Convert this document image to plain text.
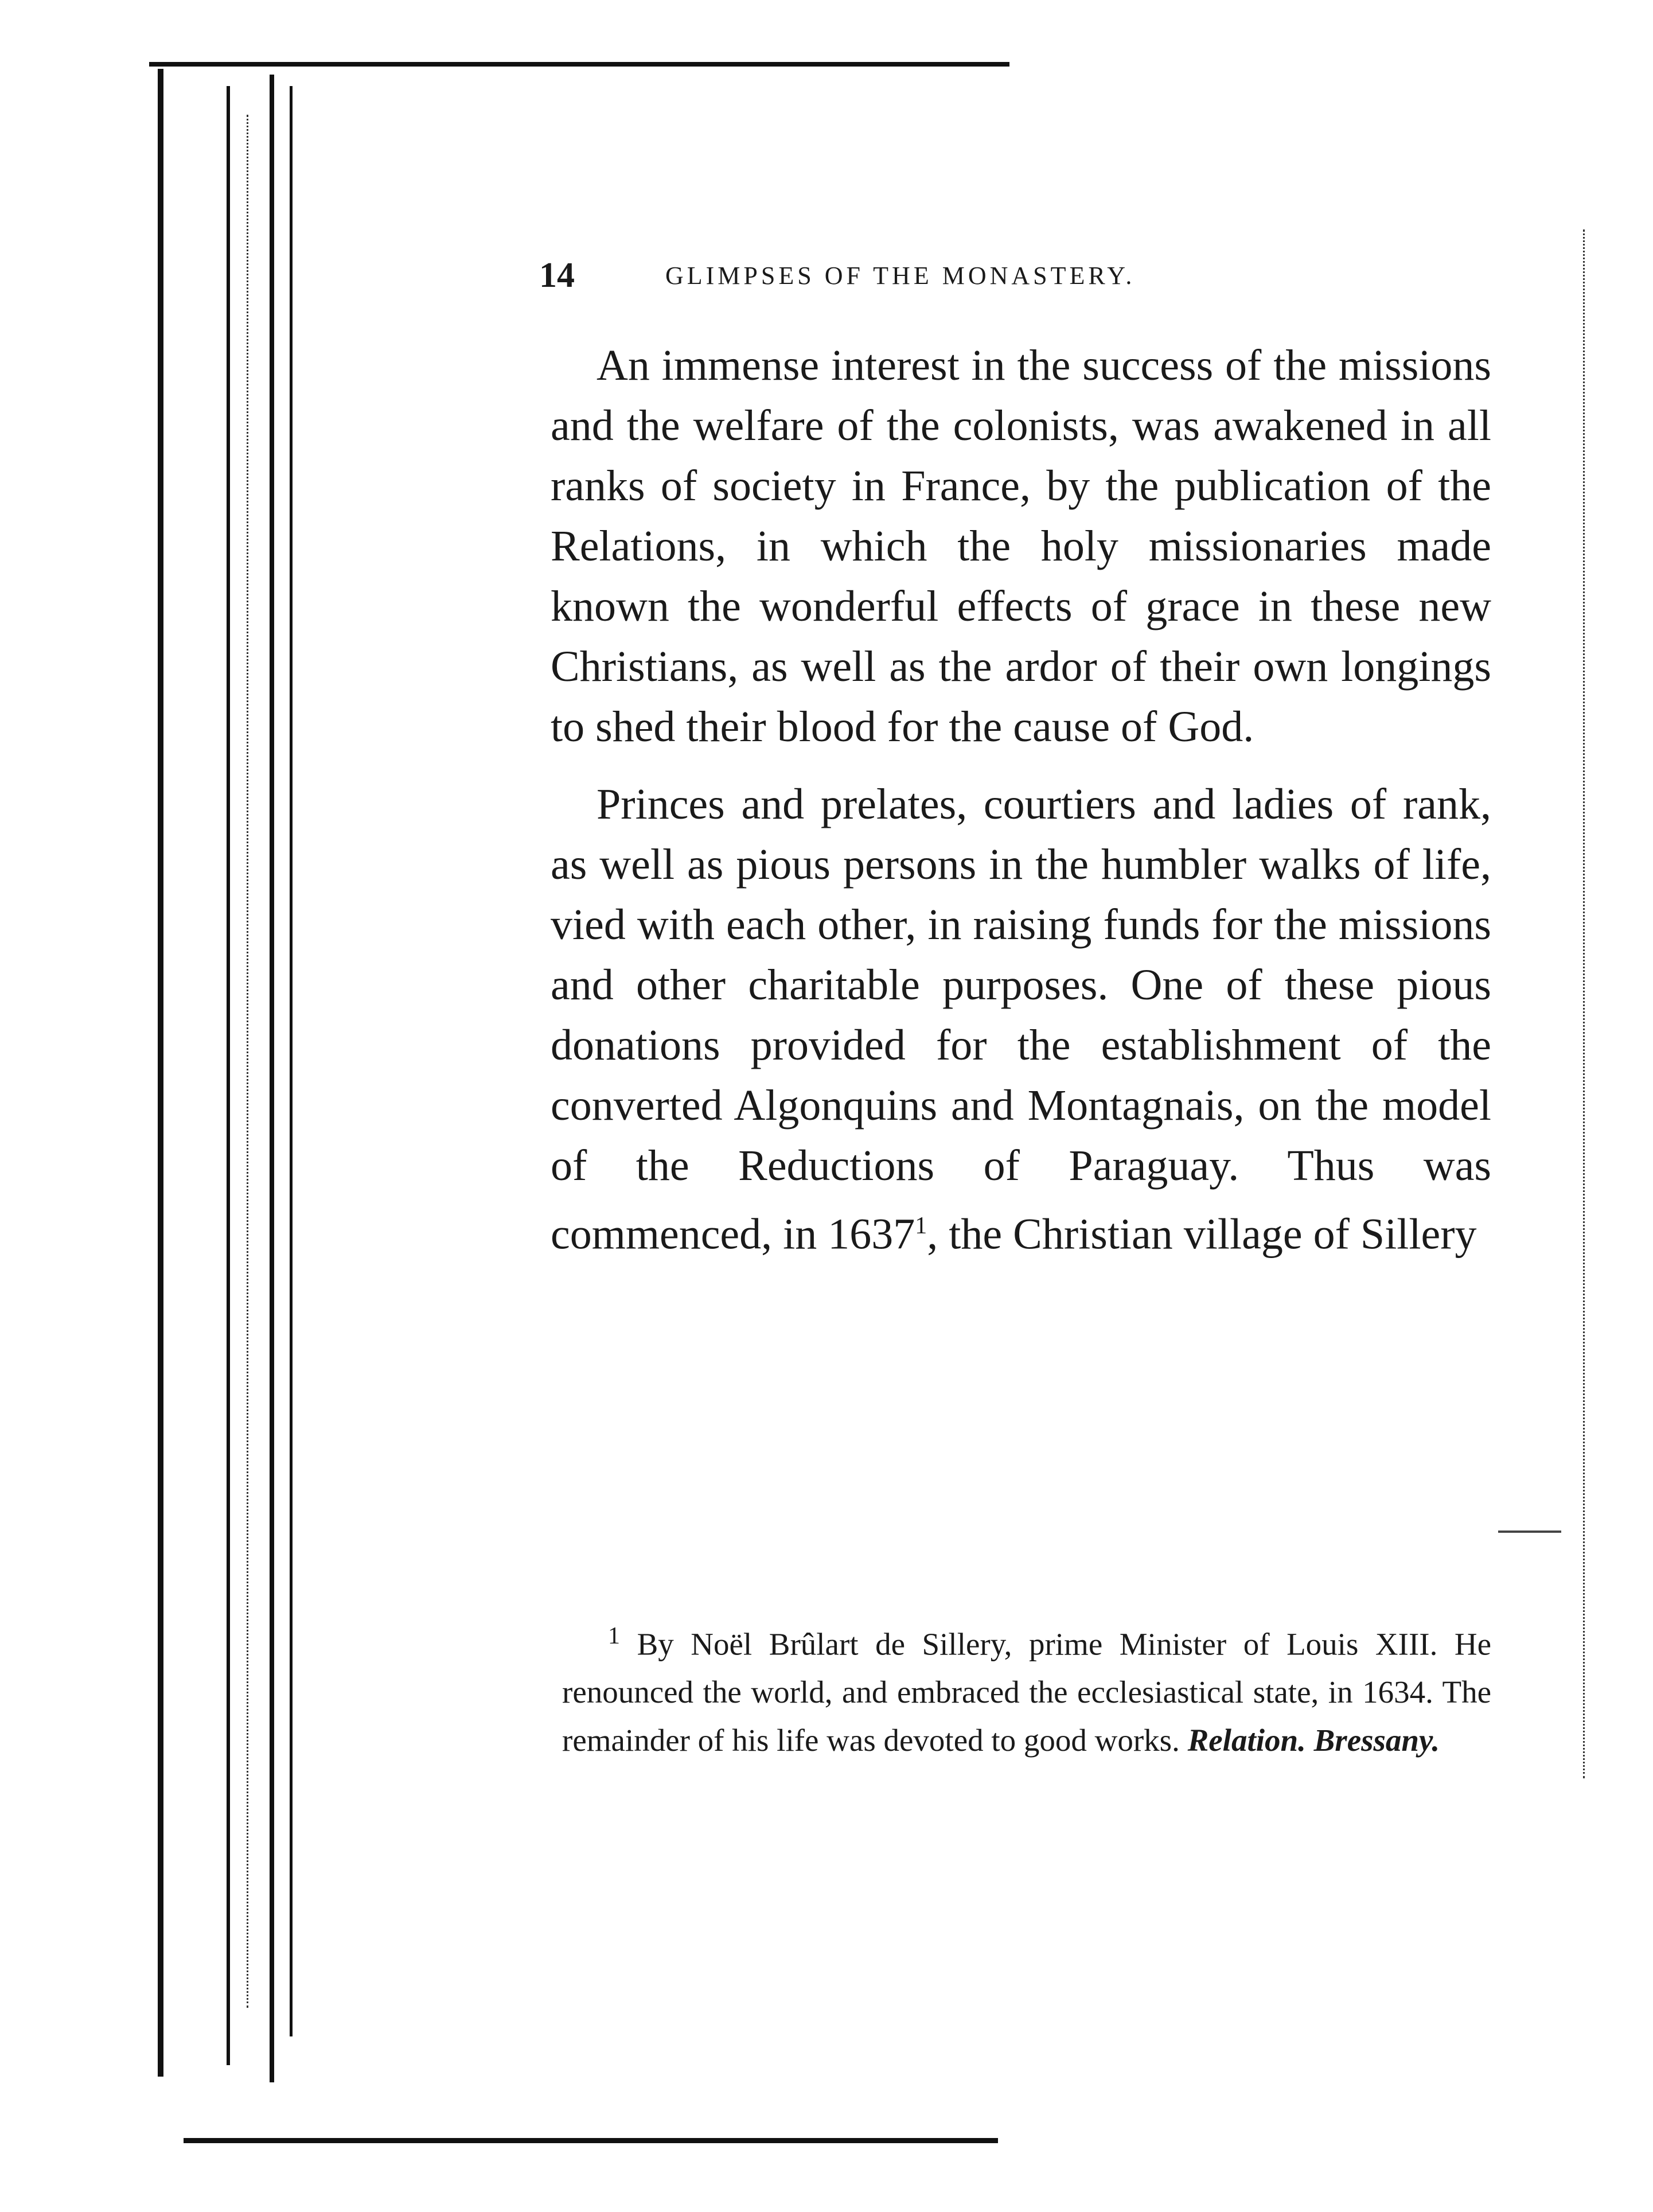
14	GLIMPSES OF THE MONASTERY.

An immense interest in the success of the missions and the welfare of the colonists, was awakened in all ranks of society in France, by the publication of the Relations, in which the holy missionaries made known the wonderful effects of grace in these new Christians, as well as the ardor of their own longings to shed their blood for the cause of God.

Princes and prelates, courtiers and ladies of rank, as well as pious persons in the humbler walks of life, vied with each other, in raising funds for the missions and other charitable purposes. One of these pious donations provided for the establishment of the converted Algonquins and Montagnais, on the model of the Reductions of Paraguay. Thus was commenced, in 1637$^1$, the Christian village of Sillery

$^1$ By Noël Brûlart de Sillery, prime Minister of Louis XIII. He renounced the world, and embraced the ecclesiastical state, in 1634. The remainder of his life was devoted to good works. Relation. Bressany.
